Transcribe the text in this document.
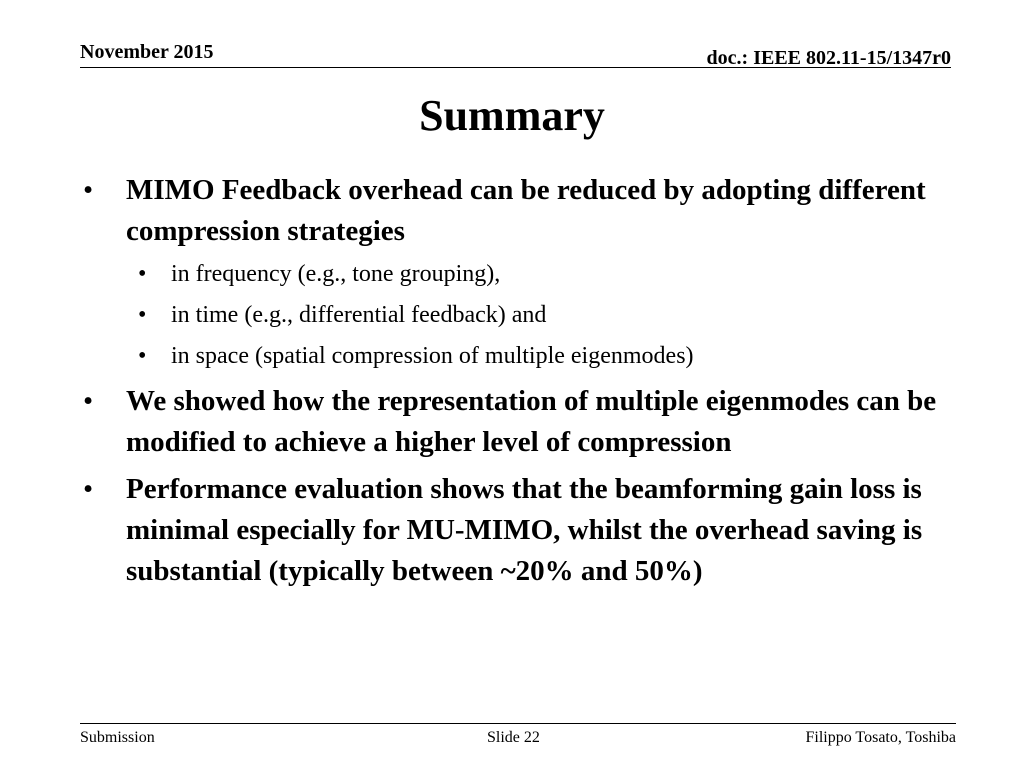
November 2015	doc.: IEEE 802.11-15/1347r0
Summary
• MIMO Feedback overhead can be reduced by adopting different compression strategies
• in frequency (e.g., tone grouping),
• in time (e.g., differential feedback) and
• in space (spatial compression of multiple eigenmodes)
• We showed how the representation of multiple eigenmodes can be modified to achieve a higher level of compression
• Performance evaluation shows that the beamforming gain loss is minimal especially for MU-MIMO, whilst the overhead saving is substantial (typically between ~20% and 50%)
Submission	Slide 22	Filippo Tosato, Toshiba
